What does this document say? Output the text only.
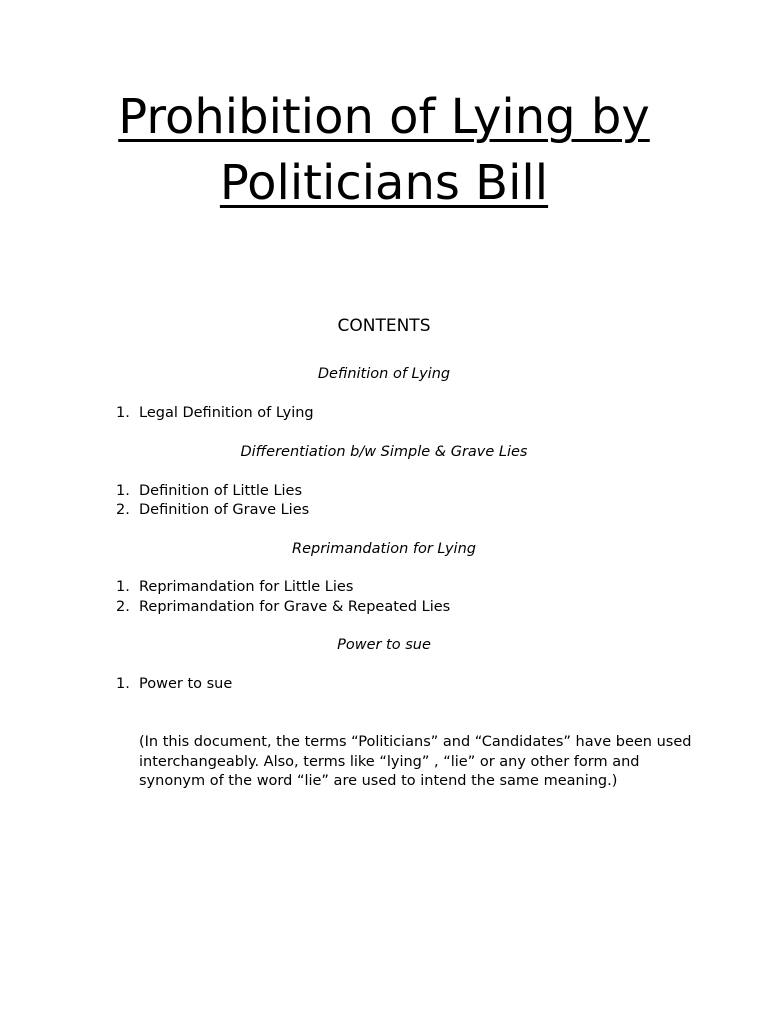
Prohibition of Lying by
Politicians Bill
CONTENTS
Definition of Lying
1. Legal Definition of Lying
Differentiation b/w Simple & Grave Lies
1. Definition of Little Lies
2. Definition of Grave Lies
Reprimandation for Lying
1. Reprimandation for Little Lies
2. Reprimandation for Grave & Repeated Lies
Power to sue
1. Power to sue
(In this document, the terms “Politicians” and “Candidates” have been used interchangeably. Also, terms like “lying” , “lie” or any other form and synonym of the word “lie” are used to intend the same meaning.)
